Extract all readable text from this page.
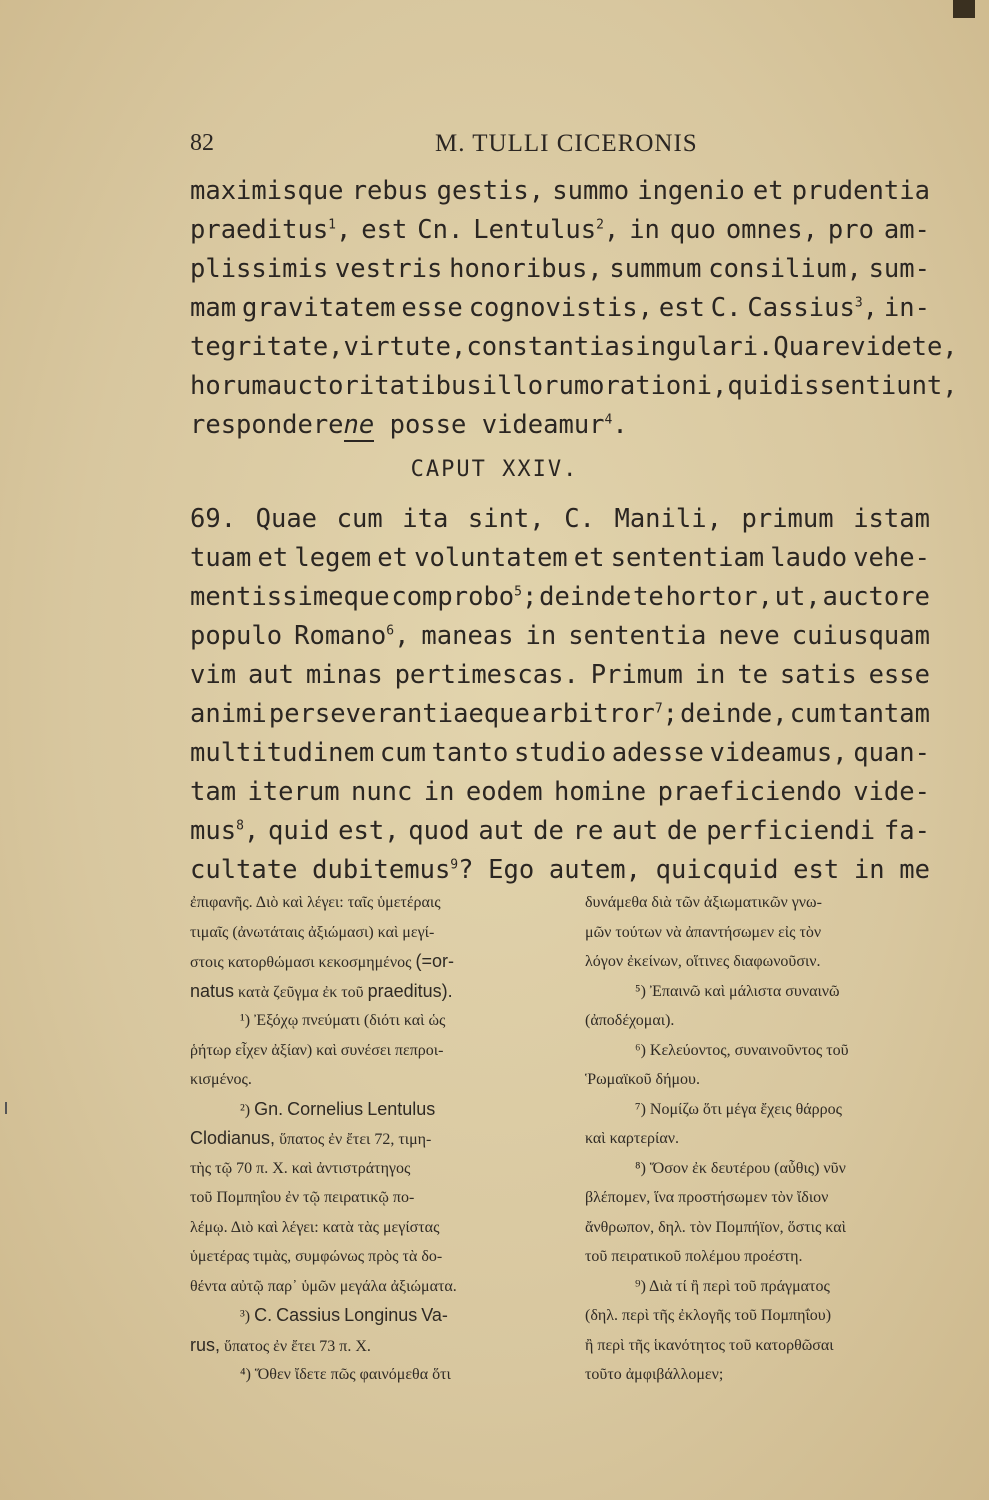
82	M. TULLI CICERONIS
maximisque rebus gestis, summo ingenio et prudentia
praeditus$^1$, est Cn. Lentulus$^2$, in quo omnes, pro am-
plissimis vestris honoribus, summum consilium, sum-
mam gravitatem esse cognovistis, est C. Cassius$^3$, in-
tegritate, virtute, constantia singulari. Quare videte,
horum auctoritatibus illorum orationi, qui dissentiunt,
responderene posse videamur$^4$.
CAPUT XXIV.
69. Quae cum ita sint, C. Manili, primum istam
tuam et legem et voluntatem et sententiam laudo vehe-
mentissimeque comprobo$^5$; deinde te hortor, ut, auctore
populo Romano$^6$, maneas in sententia neve cuiusquam
vim aut minas pertimescas. Primum in te satis esse
animi perseverantiaeque arbitror$^7$; deinde, cum tantam
multitudinem cum tanto studio adesse videamus, quan-
tam iterum nunc in eodem homine praeficiendo vide-
mus$^8$, quid est, quod aut de re aut de perficiendi fa-
cultate dubitemus$^9$? Ego autem, quicquid est in me
ἐπιφανῆς. Διὸ καὶ λέγει: ταῖς ὑμετέραις
τιμαῖς (ἀνωτάταις ἀξιώμασι) καὶ μεγί-
στοις κατορθώμασι κεκοσμημένος (=or-
natus κατὰ ζεῦγμα ἐκ τοῦ praeditus).
¹) Ἐξόχῳ πνεύματι (διότι καὶ ὡς
ῥήτωρ εἶχεν ἀξίαν) καὶ συνέσει πεπροι-
κισμένος.
²) Gn. Cornelius Lentulus
Clodianus, ὕπατος ἐν ἔτει 72, τιμη-
τὴς τῷ 70 π. Χ. καὶ ἀντιστράτηγος
τοῦ Πομπηΐου ἐν τῷ πειρατικῷ πο-
λέμῳ. Διὸ καὶ λέγει: κατὰ τὰς μεγίστας
ὑμετέρας τιμὰς, συμφώνως πρὸς τὰ δο-
θέντα αὐτῷ παρ᾽ ὑμῶν μεγάλα ἀξιώματα.
³) C. Cassius Longinus Va-
rus, ὕπατος ἐν ἔτει 73 π. Χ.
⁴) Ὅθεν ἴδετε πῶς φαινόμεθα ὅτι
δυνάμεθα διὰ τῶν ἀξιωματικῶν γνω-
μῶν τούτων νὰ ἀπαντήσωμεν εἰς τὸν
λόγον ἐκείνων, οἵτινες διαφωνοῦσιν.
⁵) Ἐπαινῶ καὶ μάλιστα συναινῶ
(ἀποδέχομαι).
⁶) Κελεύοντος, συναινοῦντος τοῦ
Ῥωμαϊκοῦ δήμου.
⁷) Νομίζω ὅτι μέγα ἔχεις θάρρος
καὶ καρτερίαν.
⁸) Ὅσον ἐκ δευτέρου (αὖθις) νῦν
βλέπομεν, ἵνα προστήσωμεν τὸν ἴδιον
ἄνθρωπον, δηλ. τὸν Πομπήϊον, ὅστις καὶ
τοῦ πειρατικοῦ πολέμου προέστη.
⁹) Διὰ τί ἢ περὶ τοῦ πράγματος
(δηλ. περὶ τῆς ἐκλογῆς τοῦ Πομπηΐου)
ἢ περὶ τῆς ἱκανότητος τοῦ κατορθῶσαι
τοῦτο ἀμφιβάλλομεν;
